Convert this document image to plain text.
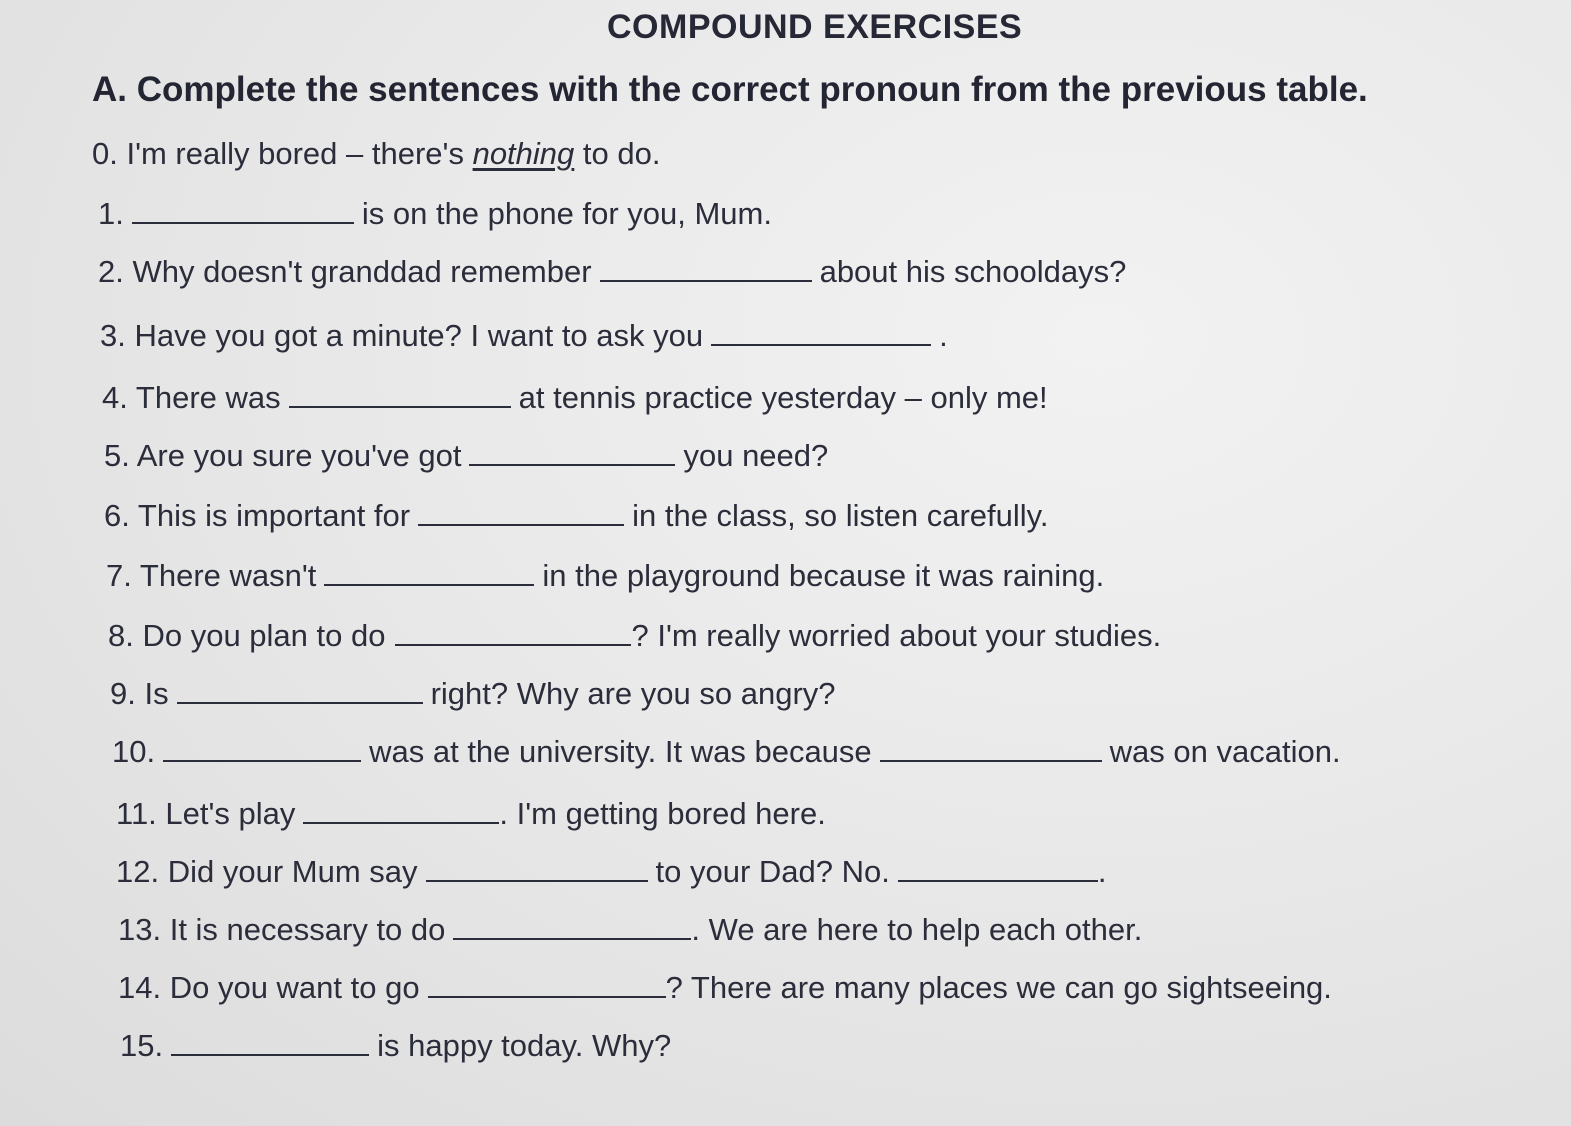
COMPOUND EXERCISES
A. Complete the sentences with the correct pronoun from the previous table.
0. I'm really bored – there's nothing to do.
1.	is on the phone for you, Mum.
2. Why doesn't granddad remember	about his schooldays?
3. Have you got a minute? I want to ask you	.
4. There was	at tennis practice yesterday – only me!
5. Are you sure you've got	you need?
6. This is important for	in the class, so listen carefully.
7. There wasn't	in the playground because it was raining.
8. Do you plan to do	? I'm really worried about your studies.
9. Is	right? Why are you so angry?
10.	was at the university. It was because	was on vacation.
11. Let's play	. I'm getting bored here.
12. Did your Mum say	to your Dad? No.	.
13. It is necessary to do	. We are here to help each other.
14. Do you want to go	? There are many places we can go sightseeing.
15.	is happy today. Why?
